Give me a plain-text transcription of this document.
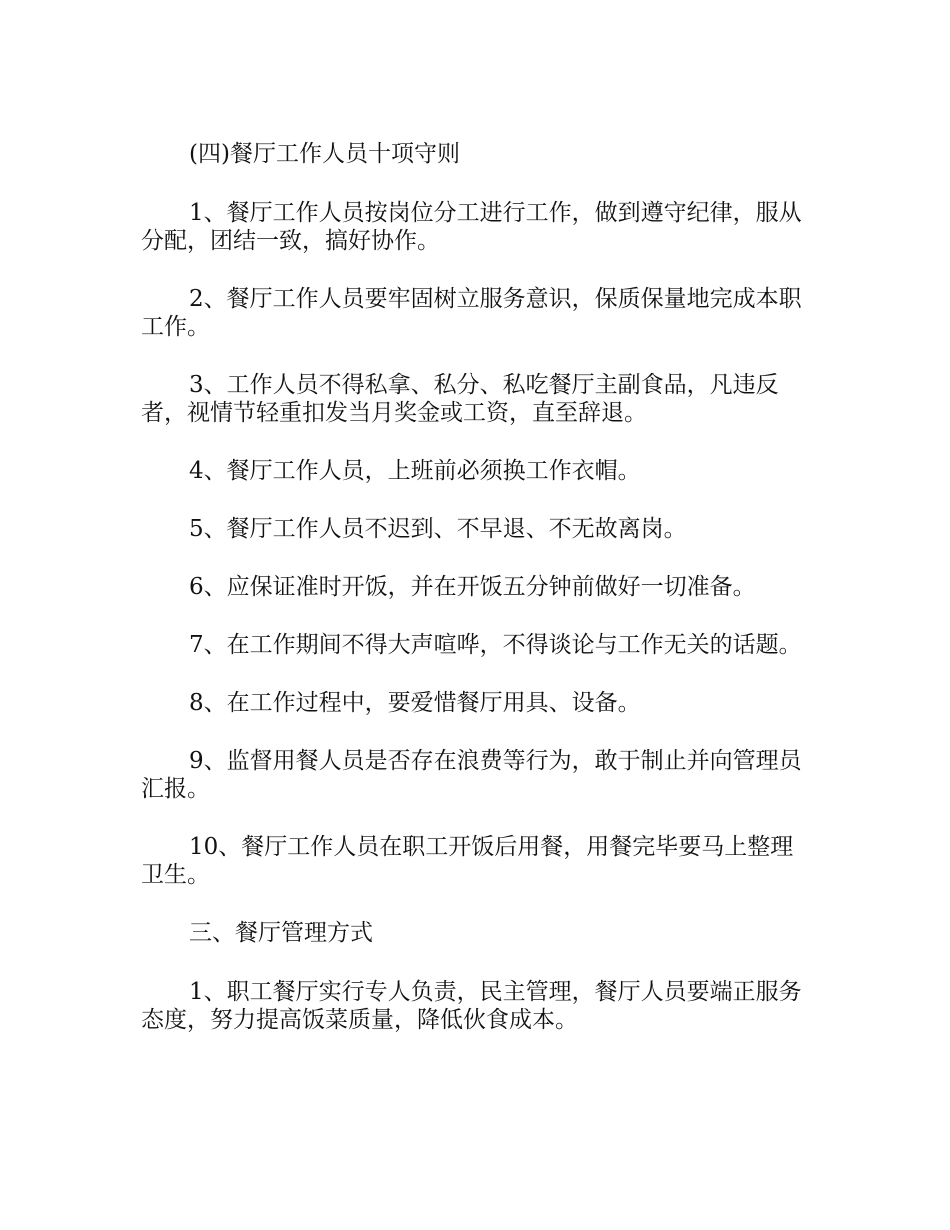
(四)餐厅工作人员十项守则

1、餐厅工作人员按岗位分工进行工作，做到遵守纪律，服从分配，团结一致，搞好协作。

2、餐厅工作人员要牢固树立服务意识，保质保量地完成本职工作。

3、工作人员不得私拿、私分、私吃餐厅主副食品，凡违反者，视情节轻重扣发当月奖金或工资，直至辞退。

4、餐厅工作人员，上班前必须换工作衣帽。

5、餐厅工作人员不迟到、不早退、不无故离岗。

6、应保证准时开饭，并在开饭五分钟前做好一切准备。

7、在工作期间不得大声喧哗，不得谈论与工作无关的话题。

8、在工作过程中，要爱惜餐厅用具、设备。

9、监督用餐人员是否存在浪费等行为，敢于制止并向管理员汇报。

10、餐厅工作人员在职工开饭后用餐，用餐完毕要马上整理卫生。

三、餐厅管理方式

1、职工餐厅实行专人负责，民主管理，餐厅人员要端正服务态度，努力提高饭菜质量，降低伙食成本。
